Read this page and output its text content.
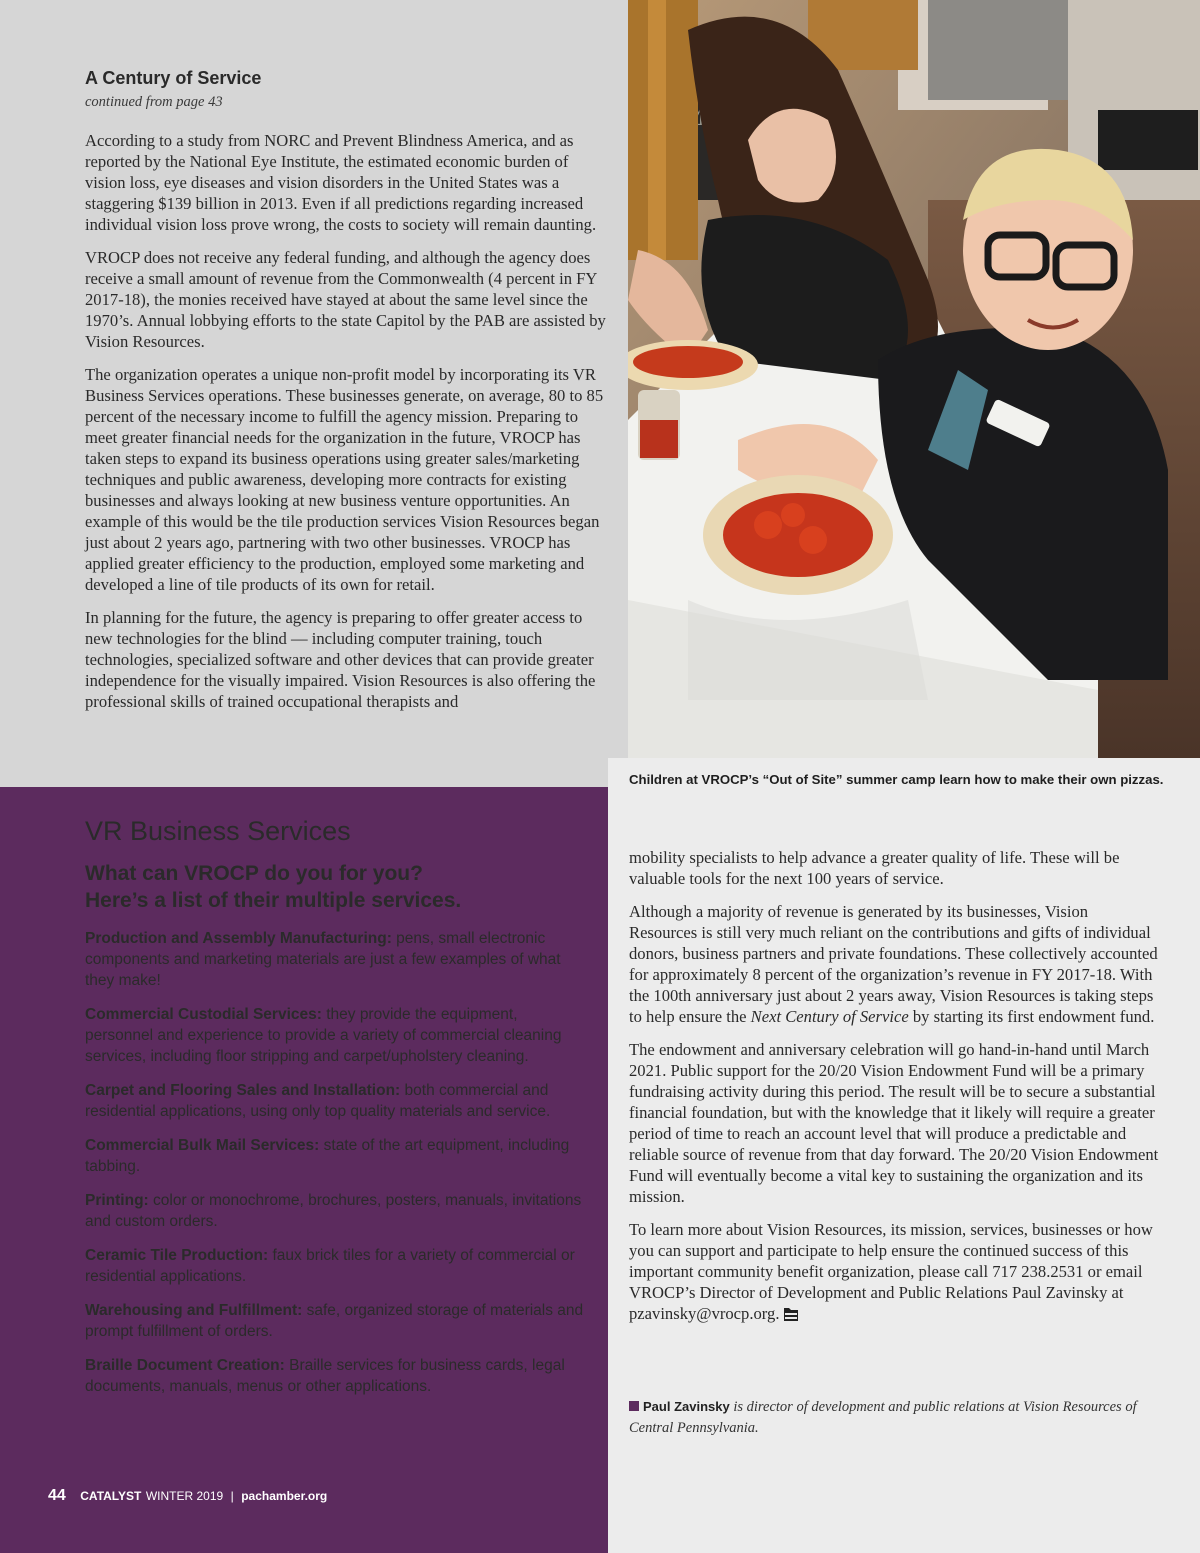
A Century of Service

continued from page 43

According to a study from NORC and Prevent Blindness America, and as reported by the National Eye Institute, the estimated economic burden of vision loss, eye diseases and vision disorders in the United States was a staggering $139 billion in 2013. Even if all predictions regarding increased individual vision loss prove wrong, the costs to society will remain daunting.

VROCP does not receive any federal funding, and although the agency does receive a small amount of revenue from the Commonwealth (4 percent in FY 2017-18), the monies received have stayed at about the same level since the 1970’s. Annual lobbying efforts to the state Capitol by the PAB are assisted by Vision Resources.

The organization operates a unique non-profit model by incorporating its VR Business Services operations. These businesses generate, on average, 80 to 85 percent of the necessary income to fulfill the agency mission. Preparing to meet greater financial needs for the organization in the future, VROCP has taken steps to expand its business operations using greater sales/marketing techniques and public awareness, developing more contracts for existing businesses and always looking at new business venture opportunities. An example of this would be the tile production services Vision Resources began just about 2 years ago, partnering with two other businesses. VROCP has applied greater efficiency to the production, employed some marketing and developed a line of tile products of its own for retail.

In planning for the future, the agency is preparing to offer greater access to new technologies for the blind — including computer training, touch technologies, specialized software and other devices that can provide greater independence for the visually impaired. Vision Resources is also offering the professional skills of trained occupational therapists and

Children at VROCP’s “Out of Site” summer camp learn how to make their own pizzas.

VR Business Services
What can VROCP do you for you?
Here’s a list of their multiple services.
Production and Assembly Manufacturing: pens, small electronic components and marketing materials are just a few examples of what they make!
Commercial Custodial Services: they provide the equipment, personnel and experience to provide a variety of commercial cleaning services, including floor stripping and carpet/upholstery cleaning.
Carpet and Flooring Sales and Installation: both commercial and residential applications, using only top quality materials and service.
Commercial Bulk Mail Services: state of the art equipment, including tabbing.
Printing: color or monochrome, brochures, posters, manuals, invitations and custom orders.
Ceramic Tile Production: faux brick tiles for a variety of commercial or residential applications.
Warehousing and Fulfillment: safe, organized storage of materials and prompt fulfillment of orders.
Braille Document Creation: Braille services for business cards, legal documents, manuals, menus or other applications.

mobility specialists to help advance a greater quality of life. These will be valuable tools for the next 100 years of service.

Although a majority of revenue is generated by its businesses, Vision Resources is still very much reliant on the contributions and gifts of individual donors, business partners and private foundations. These collectively accounted for approximately 8 percent of the organization’s revenue in FY 2017-18. With the 100th anniversary just about 2 years away, Vision Resources is taking steps to help ensure the Next Century of Service by starting its first endowment fund.

The endowment and anniversary celebration will go hand-in-hand until March 2021. Public support for the 20/20 Vision Endowment Fund will be a primary fundraising activity during this period. The result will be to secure a substantial financial foundation, but with the knowledge that it likely will require a greater period of time to reach an account level that will produce a predictable and reliable source of revenue from that day forward. The 20/20 Vision Endowment Fund will eventually become a vital key to sustaining the organization and its mission.

To learn more about Vision Resources, its mission, services, businesses or how you can support and participate to help ensure the continued success of this important community benefit organization, please call 717 238.2531 or email VROCP’s Director of Development and Public Relations Paul Zavinsky at pzavinsky@vrocp.org.

Paul Zavinsky is director of development and public relations at Vision Resources of Central Pennsylvania.

44 CATALYST WINTER 2019 | pachamber.org
